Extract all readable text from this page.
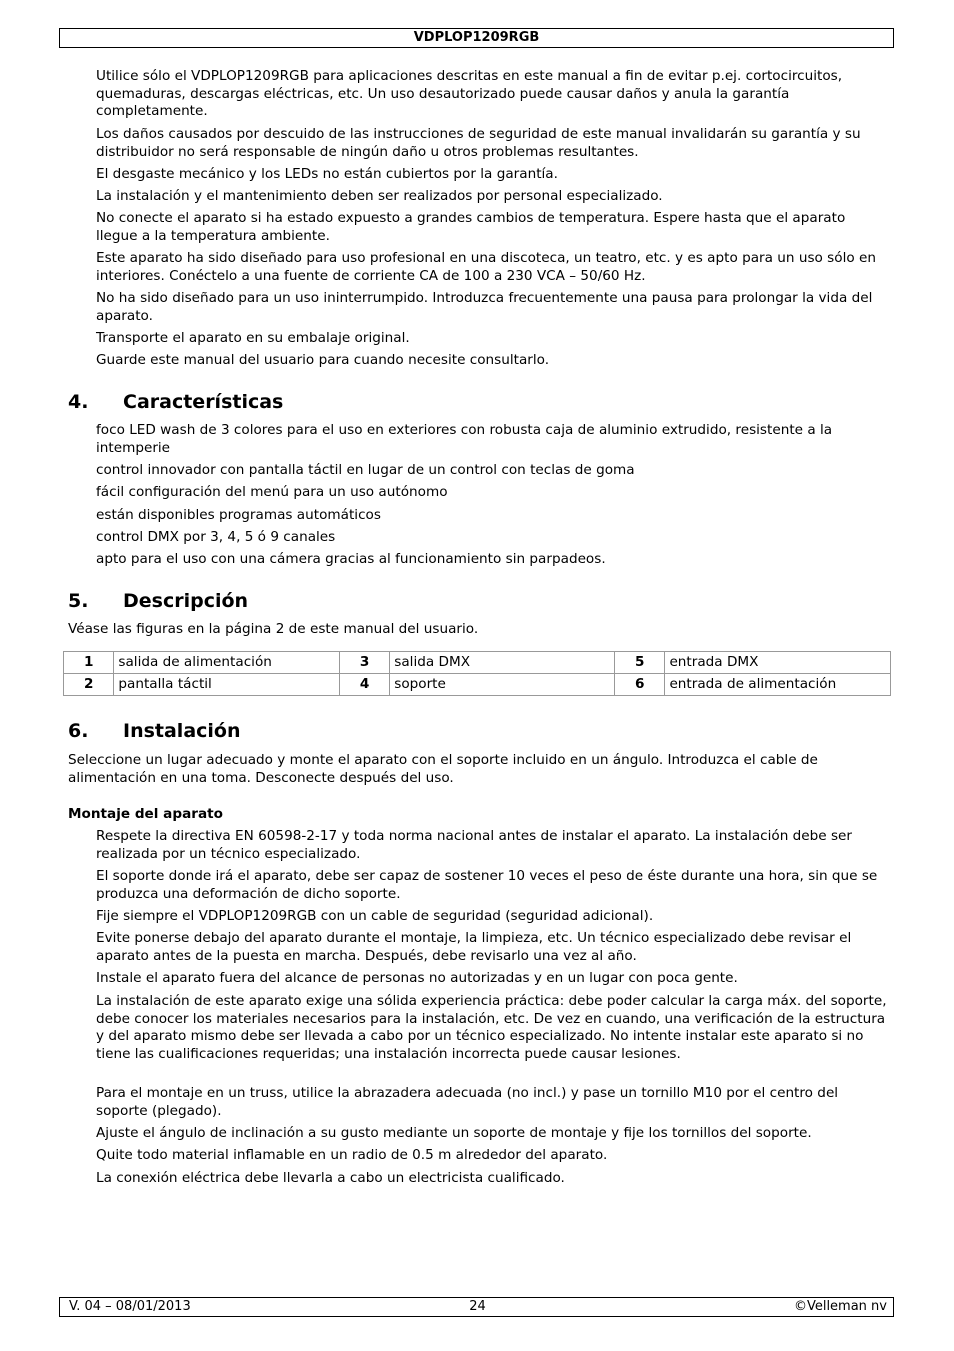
VDPLOP1209RGB

Utilice sólo el VDPLOP1209RGB para aplicaciones descritas en este manual a fin de evitar p.ej. cortocircuitos, quemaduras, descargas eléctricas, etc. Un uso desautorizado puede causar daños y anula la garantía completamente.

Los daños causados por descuido de las instrucciones de seguridad de este manual invalidarán su garantía y su distribuidor no será responsable de ningún daño u otros problemas resultantes.

El desgaste mecánico y los LEDs no están cubiertos por la garantía.

La instalación y el mantenimiento deben ser realizados por personal especializado.

No conecte el aparato si ha estado expuesto a grandes cambios de temperatura. Espere hasta que el aparato llegue a la temperatura ambiente.

Este aparato ha sido diseñado para uso profesional en una discoteca, un teatro, etc. y es apto para un uso sólo en interiores. Conéctelo a una fuente de corriente CA de 100 a 230 VCA – 50/60 Hz.

No ha sido diseñado para un uso ininterrumpido. Introduzca frecuentemente una pausa para prolongar la vida del aparato.

Transporte el aparato en su embalaje original.

Guarde este manual del usuario para cuando necesite consultarlo.

4. Características

foco LED wash de 3 colores para el uso en exteriores con robusta caja de aluminio extrudido, resistente a la intemperie

control innovador con pantalla táctil en lugar de un control con teclas de goma

fácil configuración del menú para un uso autónomo

están disponibles programas automáticos

control DMX por 3, 4, 5 ó 9 canales

apto para el uso con una cámera gracias al funcionamiento sin parpadeos.

5. Descripción

Véase las figuras en la página 2 de este manual del usuario.

1	salida de alimentación	3	salida DMX	5	entrada DMX
2	pantalla táctil	4	soporte	6	entrada de alimentación
6. Instalación

Seleccione un lugar adecuado y monte el aparato con el soporte incluido en un ángulo. Introduzca el cable de alimentación en una toma. Desconecte después del uso.

Montaje del aparato

Respete la directiva EN 60598-2-17 y toda norma nacional antes de instalar el aparato. La instalación debe ser realizada por un técnico especializado.

El soporte donde irá el aparato, debe ser capaz de sostener 10 veces el peso de éste durante una hora, sin que se produzca una deformación de dicho soporte.

Fije siempre el VDPLOP1209RGB con un cable de seguridad (seguridad adicional).

Evite ponerse debajo del aparato durante el montaje, la limpieza, etc. Un técnico especializado debe revisar el aparato antes de la puesta en marcha. Después, debe revisarlo una vez al año.

Instale el aparato fuera del alcance de personas no autorizadas y en un lugar con poca gente.

La instalación de este aparato exige una sólida experiencia práctica: debe poder calcular la carga máx. del soporte, debe conocer los materiales necesarios para la instalación, etc. De vez en cuando, una verificación de la estructura y del aparato mismo debe ser llevada a cabo por un técnico especializado. No intente instalar este aparato si no tiene las cualificaciones requeridas; una instalación incorrecta puede causar lesiones.

Para el montaje en un truss, utilice la abrazadera adecuada (no incl.) y pase un tornillo M10 por el centro del soporte (plegado).

Ajuste el ángulo de inclinación a su gusto mediante un soporte de montaje y fije los tornillos del soporte.

Quite todo material inflamable en un radio de 0.5 m alrededor del aparato.

La conexión eléctrica debe llevarla a cabo un electricista cualificado.

24
V. 04 – 08/01/2013	©Velleman nv
